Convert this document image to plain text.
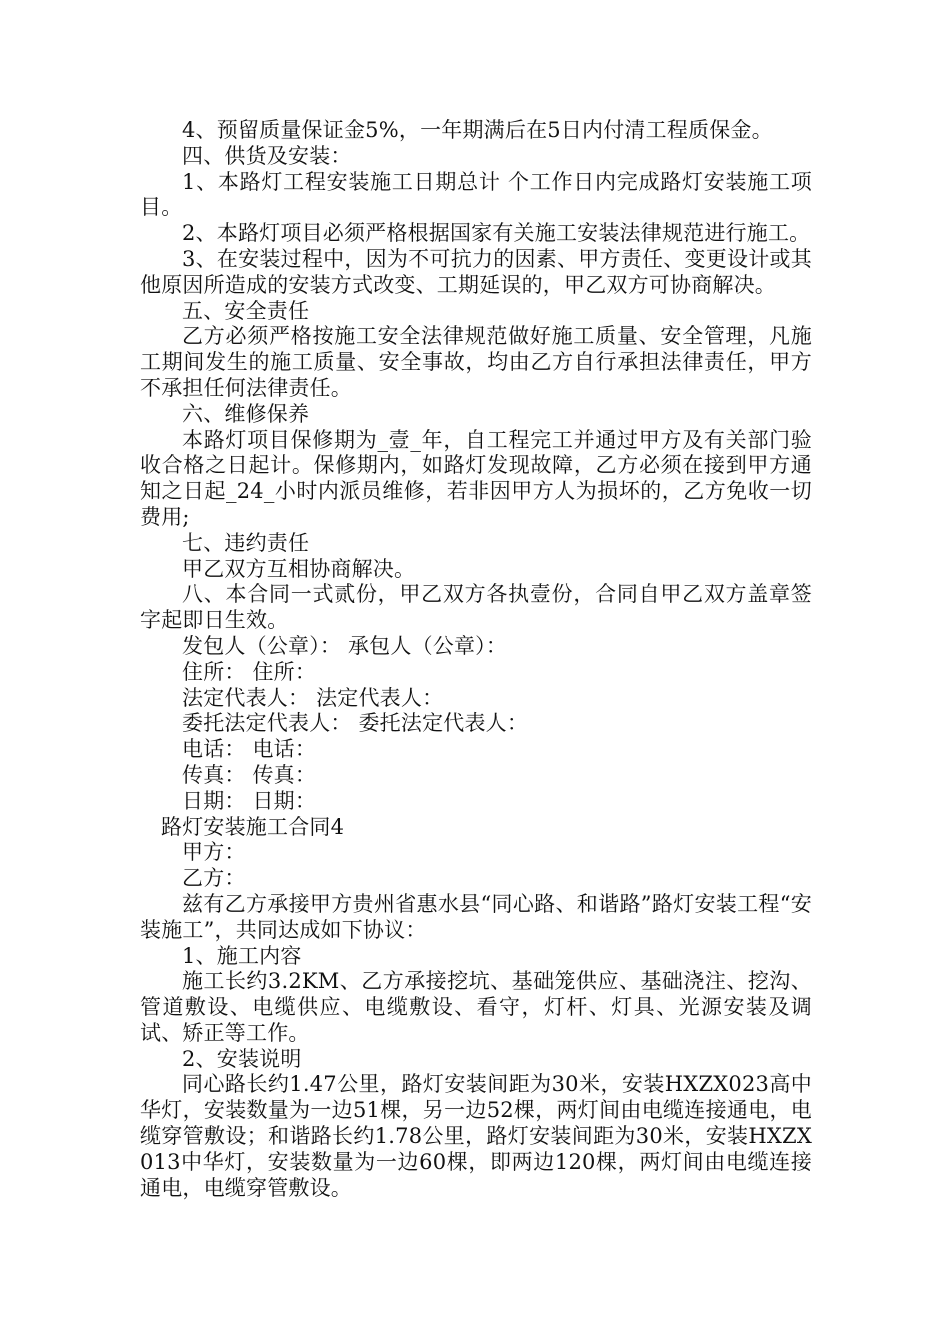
4、预留质量保证金5%，一年期满后在5日内付清工程质保金。

四、供货及安装：

1、本路灯工程安装施工日期总计 个工作日内完成路灯安装施工项目。

2、本路灯项目必须严格根据国家有关施工安装法律规范进行施工。

3、在安装过程中，因为不可抗力的因素、甲方责任、变更设计或其他原因所造成的安装方式改变、工期延误的，甲乙双方可协商解决。

五、安全责任

乙方必须严格按施工安全法律规范做好施工质量、安全管理，凡施工期间发生的施工质量、安全事故，均由乙方自行承担法律责任，甲方不承担任何法律责任。

六、维修保养

本路灯项目保修期为_壹_年，自工程完工并通过甲方及有关部门验收合格之日起计。保修期内，如路灯发现故障，乙方必须在接到甲方通知之日起_24_小时内派员维修，若非因甲方人为损坏的，乙方免收一切费用;

七、违约责任

甲乙双方互相协商解决。

八、本合同一式贰份，甲乙双方各执壹份，合同自甲乙双方盖章签字起即日生效。

发包人（公章）： 承包人（公章）：

住所： 住所：

法定代表人： 法定代表人：

委托法定代表人： 委托法定代表人：

电话： 电话：

传真： 传真：

日期： 日期：

路灯安装施工合同4

甲方：

乙方：

兹有乙方承接甲方贵州省惠水县“同心路、和谐路”路灯安装工程“安装施工”，共同达成如下协议：

1、施工内容

施工长约3.2KM、乙方承接挖坑、基础笼供应、基础浇注、挖沟、管道敷设、电缆供应、电缆敷设、看守，灯杆、灯具、光源安装及调试、矫正等工作。

2、安装说明

同心路长约1.47公里，路灯安装间距为30米，安装HXZX023高中华灯，安装数量为一边51棵，另一边52棵，两灯间由电缆连接通电，电缆穿管敷设；和谐路长约1.78公里，路灯安装间距为30米，安装HXZX013中华灯，安装数量为一边60棵，即两边120棵，两灯间由电缆连接通电，电缆穿管敷设。
